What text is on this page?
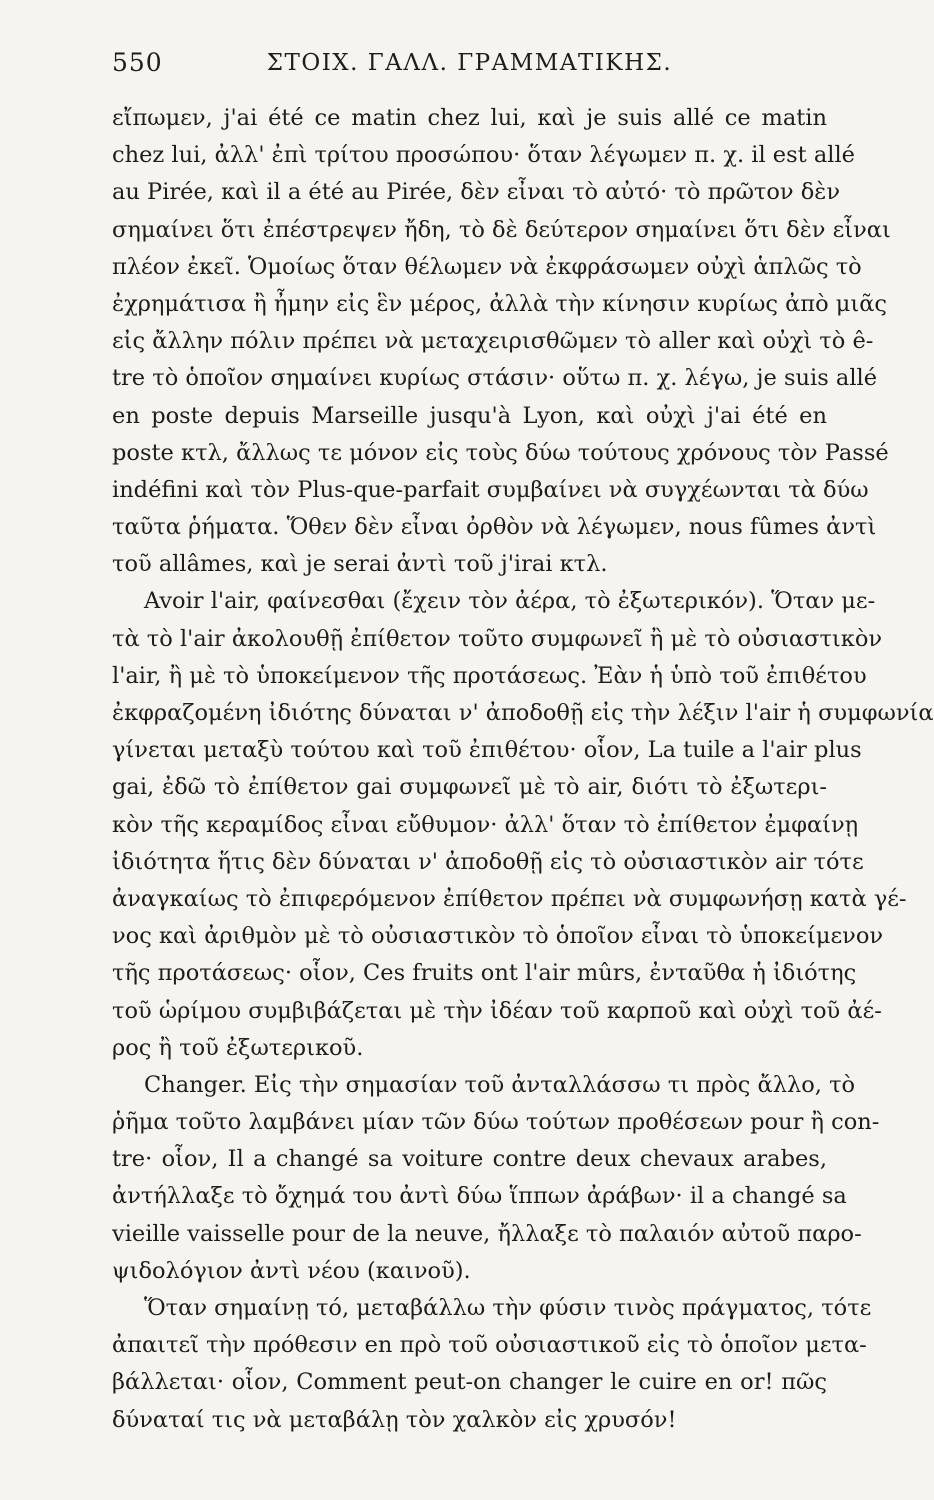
550	ΣΤΟΙΧ. ΓΑΛΛ. ΓΡΑΜΜΑΤΙΚΗΣ.
εἴπωμεν, j'ai été ce matin chez lui, καὶ je suis allé ce matin
chez lui, ἀλλ' ἐπὶ τρίτου προσώπου· ὅταν λέγωμεν π. χ. il est allé
au Pirée, καὶ il a été au Pirée, δὲν εἶναι τὸ αὐτό· τὸ πρῶτον δὲν
σημαίνει ὅτι ἐπέστρεψεν ἤδη, τὸ δὲ δεύτερον σημαίνει ὅτι δὲν εἶναι
πλέον ἐκεῖ. Ὁμοίως ὅταν θέλωμεν νὰ ἐκφράσωμεν οὐχὶ ἁπλῶς τὸ
ἐχρημάτισα ἢ ἦμην εἰς ἓν μέρος, ἀλλὰ τὴν κίνησιν κυρίως ἀπὸ μιᾶς
εἰς ἄλλην πόλιν πρέπει νὰ μεταχειρισθῶμεν τὸ aller καὶ οὐχὶ τὸ ê-
tre τὸ ὁποῖον σημαίνει κυρίως στάσιν· οὕτω π. χ. λέγω, je suis allé
en poste depuis Marseille jusqu'à Lyon, καὶ οὐχὶ j'ai été en
poste κτλ, ἄλλως τε μόνον εἰς τοὺς δύω τούτους χρόνους τὸν Passé
indéfini καὶ τὸν Plus-que-parfait συμβαίνει νὰ συγχέωνται τὰ δύω
ταῦτα ῥήματα. Ὅθεν δὲν εἶναι ὀρθὸν νὰ λέγωμεν, nous fûmes ἀντὶ
τοῦ allâmes, καὶ je serai ἀντὶ τοῦ j'irai κτλ.
Avoir l'air, φαίνεσθαι (ἔχειν τὸν ἀέρα, τὸ ἐξωτερικόν). Ὅταν με-
τὰ τὸ l'air ἀκολουθῇ ἐπίθετον τοῦτο συμφωνεῖ ἢ μὲ τὸ οὐσιαστικὸν
l'air, ἢ μὲ τὸ ὑποκείμενον τῆς προτάσεως. Ἐὰν ἡ ὑπὸ τοῦ ἐπιθέτου
ἐκφραζομένη ἰδιότης δύναται ν' ἀποδοθῇ εἰς τὴν λέξιν l'air ἡ συμφωνία
γίνεται μεταξὺ τούτου καὶ τοῦ ἐπιθέτου· οἷον, La tuile a l'air plus
gai, ἐδῶ τὸ ἐπίθετον gai συμφωνεῖ μὲ τὸ air, διότι τὸ ἐξωτερι-
κὸν τῆς κεραμίδος εἶναι εὔθυμον· ἀλλ' ὅταν τὸ ἐπίθετον ἐμφαίνῃ
ἰδιότητα ἥτις δὲν δύναται ν' ἀποδοθῇ εἰς τὸ οὐσιαστικὸν air τότε
ἀναγκαίως τὸ ἐπιφερόμενον ἐπίθετον πρέπει νὰ συμφωνήσῃ κατὰ γέ-
νος καὶ ἀριθμὸν μὲ τὸ οὐσιαστικὸν τὸ ὁποῖον εἶναι τὸ ὑποκείμενον
τῆς προτάσεως· οἷον, Ces fruits ont l'air mûrs, ἐνταῦθα ἡ ἰδιότης
τοῦ ὡρίμου συμβιβάζεται μὲ τὴν ἰδέαν τοῦ καρποῦ καὶ οὐχὶ τοῦ ἀέ-
ρος ἢ τοῦ ἐξωτερικοῦ.
Changer. Εἰς τὴν σημασίαν τοῦ ἀνταλλάσσω τι πρὸς ἄλλο, τὸ
ῥῆμα τοῦτο λαμβάνει μίαν τῶν δύω τούτων προθέσεων pour ἢ con-
tre· οἷον, Il a changé sa voiture contre deux chevaux arabes,
ἀντήλλαξε τὸ ὄχημά του ἀντὶ δύω ἵππων ἀράβων· il a changé sa
vieille vaisselle pour de la neuve, ἤλλαξε τὸ παλαιόν αὐτοῦ παρο-
ψιδολόγιον ἀντὶ νέου (καινοῦ).
Ὅταν σημαίνῃ τό, μεταβάλλω τὴν φύσιν τινὸς πράγματος, τότε
ἀπαιτεῖ τὴν πρόθεσιν en πρὸ τοῦ οὐσιαστικοῦ εἰς τὸ ὁποῖον μετα-
βάλλεται· οἷον, Comment peut-on changer le cuire en or! πῶς
δύναταί τις νὰ μεταβάλῃ τὸν χαλκὸν εἰς χρυσόν!
